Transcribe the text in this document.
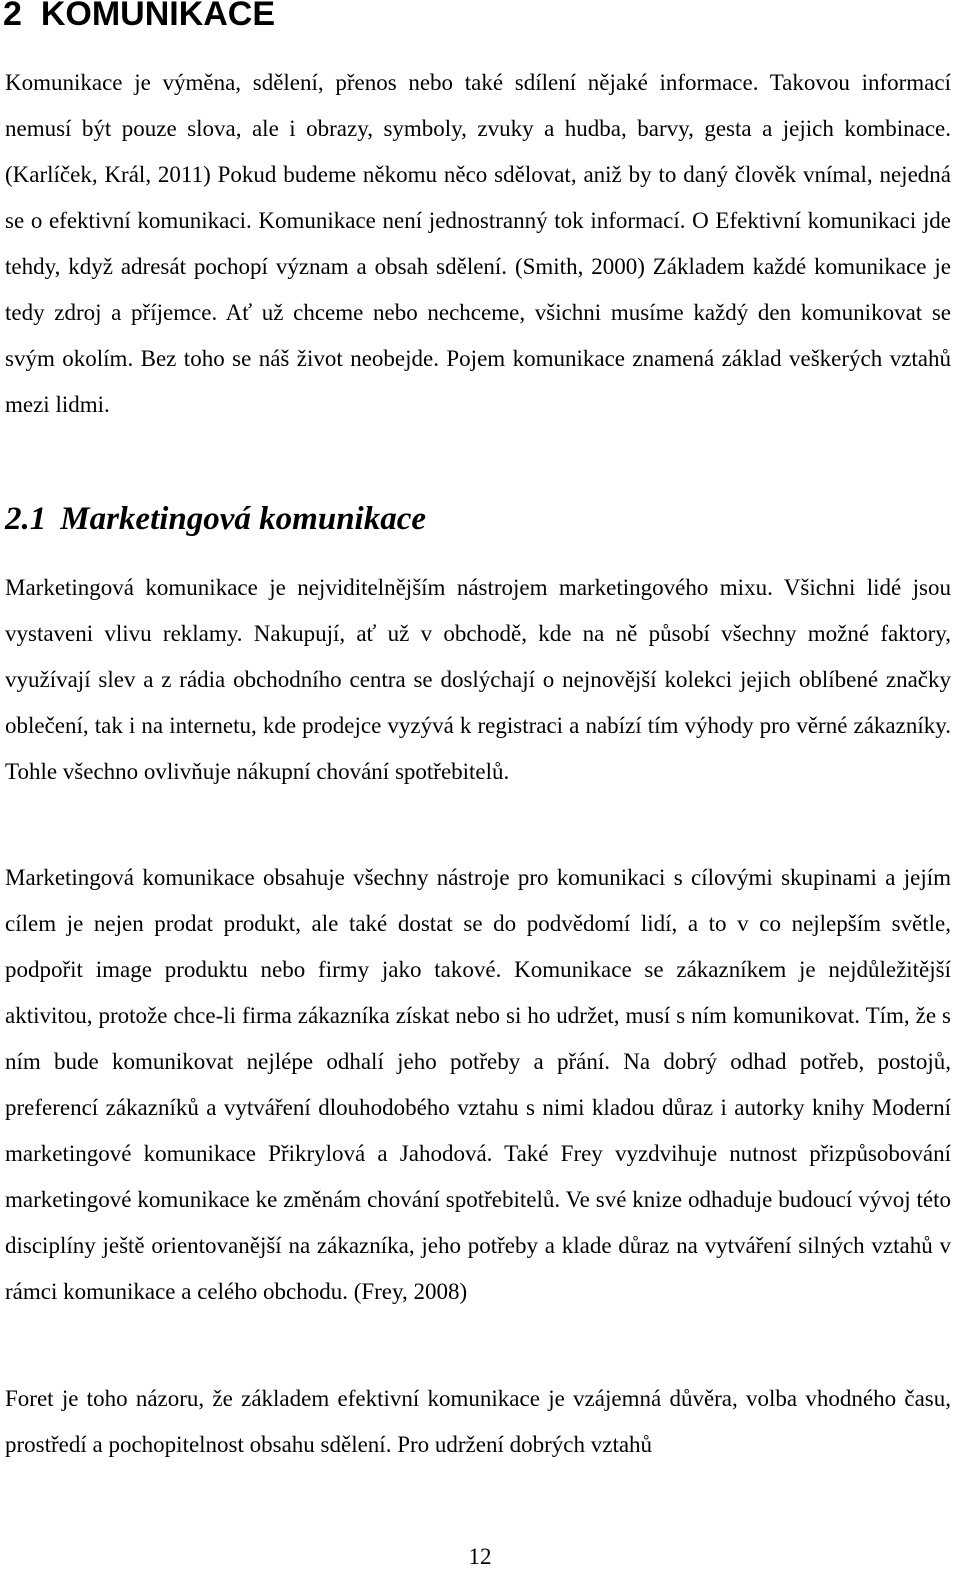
2 KOMUNIKACE

Komunikace je výměna, sdělení, přenos nebo také sdílení nějaké informace. Takovou informací nemusí být pouze slova, ale i obrazy, symboly, zvuky a hudba, barvy, gesta a jejich kombinace. (Karlíček, Král, 2011) Pokud budeme někomu něco sdělovat, aniž by to daný člověk vnímal, nejedná se o efektivní komunikaci. Komunikace není jednostranný tok informací. O Efektivní komunikaci jde tehdy, když adresát pochopí význam a obsah sdělení. (Smith, 2000) Základem každé komunikace je tedy zdroj a příjemce. Ať už chceme nebo nechceme, všichni musíme každý den komunikovat se svým okolím. Bez toho se náš život neobejde. Pojem komunikace znamená základ veškerých vztahů mezi lidmi.

2.1 Marketingová komunikace

Marketingová komunikace je nejviditelnějším nástrojem marketingového mixu. Všichni lidé jsou vystaveni vlivu reklamy. Nakupují, ať už v obchodě, kde na ně působí všechny možné faktory, využívají slev a z rádia obchodního centra se doslýchají o nejnovější kolekci jejich oblíbené značky oblečení, tak i na internetu, kde prodejce vyzývá k registraci a nabízí tím výhody pro věrné zákazníky. Tohle všechno ovlivňuje nákupní chování spotřebitelů.

Marketingová komunikace obsahuje všechny nástroje pro komunikaci s cílovými skupinami a jejím cílem je nejen prodat produkt, ale také dostat se do podvědomí lidí, a to v co nejlepším světle, podpořit image produktu nebo firmy jako takové. Komunikace se zákazníkem je nejdůležitější aktivitou, protože chce-li firma zákazníka získat nebo si ho udržet, musí s ním komunikovat. Tím, že s ním bude komunikovat nejlépe odhalí jeho potřeby a přání. Na dobrý odhad potřeb, postojů, preferencí zákazníků a vytváření dlouhodobého vztahu s nimi kladou důraz i autorky knihy Moderní marketingové komunikace Přikrylová a Jahodová. Také Frey vyzdvihuje nutnost přizpůsobování marketingové komunikace ke změnám chování spotřebitelů. Ve své knize odhaduje budoucí vývoj této disciplíny ještě orientovanější na zákazníka, jeho potřeby a klade důraz na vytváření silných vztahů v rámci komunikace a celého obchodu. (Frey, 2008)

Foret je toho názoru, že základem efektivní komunikace je vzájemná důvěra, volba vhodného času, prostředí a pochopitelnost obsahu sdělení. Pro udržení dobrých vztahů

12
